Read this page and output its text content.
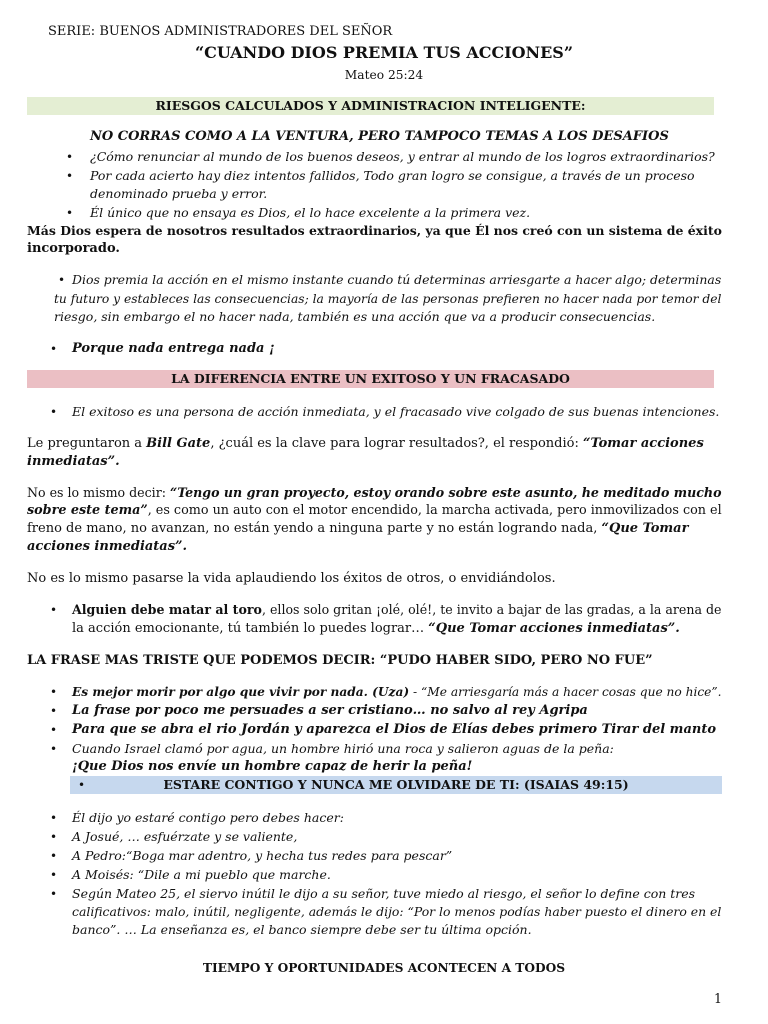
SERIE: BUENOS ADMINISTRADORES DEL SEÑOR
“CUANDO DIOS PREMIA TUS ACCIONES”
Mateo 25:24
RIESGOS CALCULADOS Y ADMINISTRACION INTELIGENTE:
NO CORRAS COMO A LA VENTURA, PERO TAMPOCO TEMAS A LOS DESAFIOS
• ¿Cómo renunciar al mundo de los buenos deseos, y entrar al mundo de los logros extraordinarios?
• Por cada acierto hay diez intentos fallidos, Todo gran logro se consigue, a través de un proceso
denominado prueba y error.
• Él único que no ensaya es Dios, el lo hace excelente a la primera vez.
Más Dios espera de nosotros resultados extraordinarios, ya que Él nos creó con un sistema de éxito
incorporado.
• Dios premia la acción en el mismo instante cuando tú determinas arriesgarte a hacer algo; determinas
tu futuro y estableces las consecuencias; la mayoría de las personas prefieren no hacer nada por temor del
riesgo, sin embargo el no hacer nada, también es una acción que va a producir consecuencias.
• Porque nada entrega nada ¡
LA DIFERENCIA ENTRE UN EXITOSO Y UN FRACASADO
• El exitoso es una persona de acción inmediata, y el fracasado vive colgado de sus buenas intenciones.
Le preguntaron a Bill Gate, ¿cuál es la clave para lograr resultados?, el respondió: “Tomar acciones
inmediatas”.
No es lo mismo decir: “Tengo un gran proyecto, estoy orando sobre este asunto, he meditado mucho
sobre este tema”, es como un auto con el motor encendido, la marcha activada, pero inmovilizados con el
freno de mano, no avanzan, no están yendo a ninguna parte y no están logrando nada, “Que Tomar
acciones inmediatas”.
No es lo mismo pasarse la vida aplaudiendo los éxitos de otros, o envidiándolos.
• Alguien debe matar al toro, ellos solo gritan ¡olé, olé!, te invito a bajar de las gradas, a la arena de
la acción emocionante, tú también lo puedes lograr… “Que Tomar acciones inmediatas”.
LA FRASE MAS TRISTE QUE PODEMOS DECIR: “PUDO HABER SIDO, PERO NO FUE”
• Es mejor morir por algo que vivir por nada. (Uza) - “Me arriesgaría más a hacer cosas que no hice”.
• La frase por poco me persuades a ser cristiano… no salvo al rey Agripa
• Para que se abra el rio Jordán y aparezca el Dios de Elías debes primero Tirar del manto
• Cuando Israel clamó por agua, un hombre hirió una roca y salieron aguas de la peña:
¡Que Dios nos envíe un hombre capaz de herir la peña!
•	ESTARE CONTIGO Y NUNCA ME OLVIDARE DE TI: (ISAIAS 49:15)
• Él dijo yo estaré contigo pero debes hacer:
• A Josué, … esfuérzate y se valiente,
• A Pedro:“Boga mar adentro, y hecha tus redes para pescar”
• A Moisés: “Dile a mi pueblo que marche.
• Según Mateo 25, el siervo inútil le dijo a su señor, tuve miedo al riesgo, el señor lo define con tres
calificativos: malo, inútil, negligente, además le dijo: “Por lo menos podías haber puesto el dinero en el
banco”. … La enseñanza es, el banco siempre debe ser tu última opción.
TIEMPO Y OPORTUNIDADES ACONTECEN A TODOS
1
